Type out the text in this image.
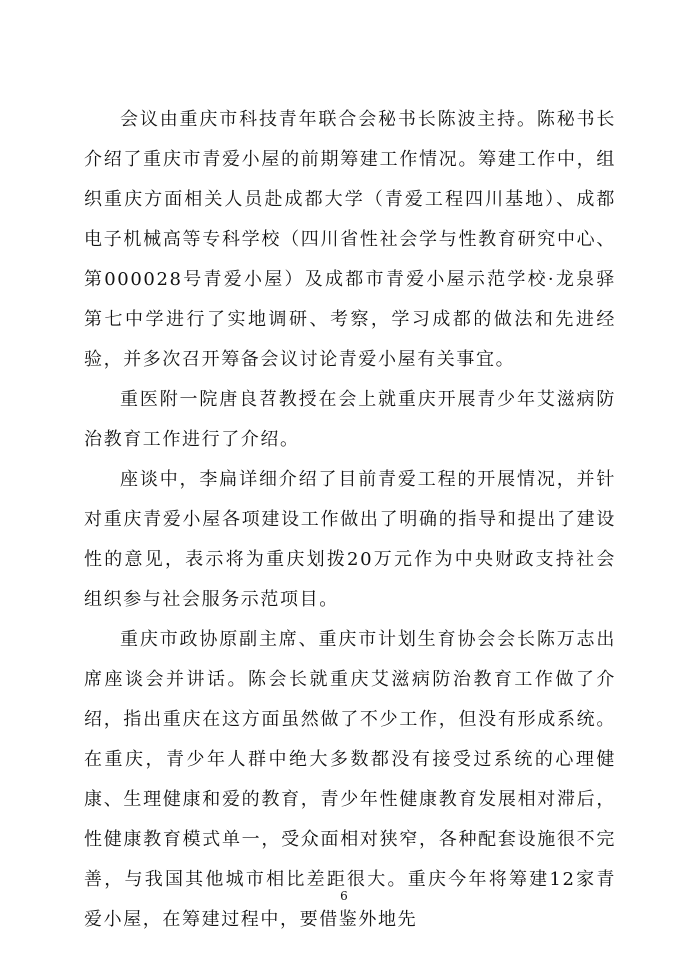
会议由重庆市科技青年联合会秘书长陈波主持。陈秘书长介绍了重庆市青爱小屋的前期筹建工作情况。筹建工作中，组织重庆方面相关人员赴成都大学（青爱工程四川基地）、成都电子机械高等专科学校（四川省性社会学与性教育研究中心、第000028号青爱小屋）及成都市青爱小屋示范学校·龙泉驿第七中学进行了实地调研、考察，学习成都的做法和先进经验，并多次召开筹备会议讨论青爱小屋有关事宜。

重医附一院唐良苕教授在会上就重庆开展青少年艾滋病防治教育工作进行了介绍。

座谈中，李扁详细介绍了目前青爱工程的开展情况，并针对重庆青爱小屋各项建设工作做出了明确的指导和提出了建设性的意见，表示将为重庆划拨20万元作为中央财政支持社会组织参与社会服务示范项目。

重庆市政协原副主席、重庆市计划生育协会会长陈万志出席座谈会并讲话。陈会长就重庆艾滋病防治教育工作做了介绍，指出重庆在这方面虽然做了不少工作，但没有形成系统。在重庆，青少年人群中绝大多数都没有接受过系统的心理健康、生理健康和爱的教育，青少年性健康教育发展相对滞后，性健康教育模式单一，受众面相对狭窄，各种配套设施很不完善，与我国其他城市相比差距很大。重庆今年将筹建12家青爱小屋，在筹建过程中，要借鉴外地先

6
